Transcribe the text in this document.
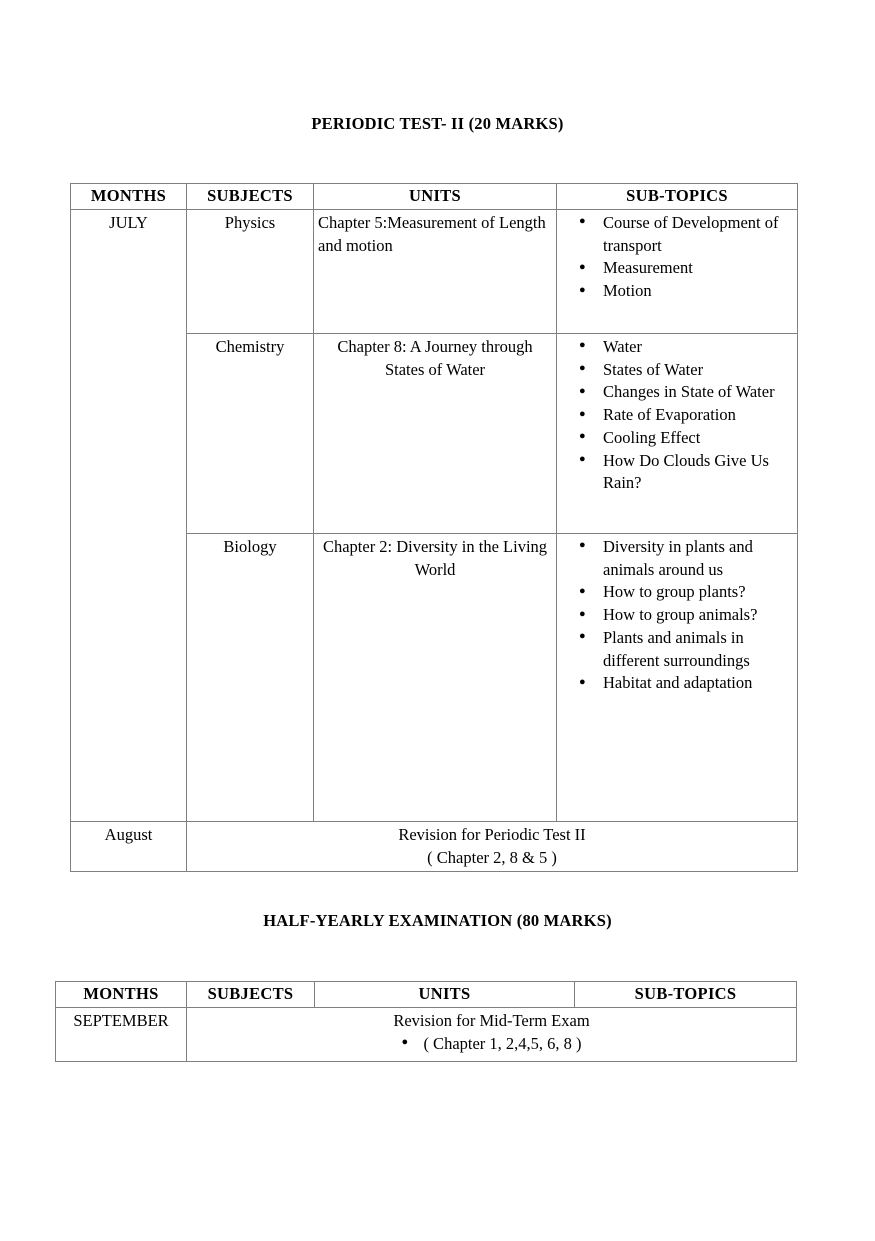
PERIODIC TEST- II (20 MARKS)
MONTHS	SUBJECTS	UNITS	SUB-TOPICS
JULY	Physics	Chapter 5:Measurement of Length and motion	
● Course of Development of transport
● Measurement
● Motion

Chemistry	Chapter 8: A Journey through States of Water	
● Water
● States of Water
● Changes in State of Water
● Rate of Evaporation
● Cooling Effect
● How Do Clouds Give Us Rain?

Biology	Chapter 2: Diversity in the Living World	
● Diversity in plants and animals around us
● How to group plants?
● How to group animals?
● Plants and animals in different surroundings
● Habitat and adaptation

August	Revision for Periodic Test II
( Chapter 2, 8 & 5 )		
HALF-YEARLY EXAMINATION (80 MARKS)
MONTHS	SUBJECTS	UNITS	SUB-TOPICS
SEPTEMBER	Revision for Mid-Term Exam
● ( Chapter 1, 2,4,5, 6, 8 )
